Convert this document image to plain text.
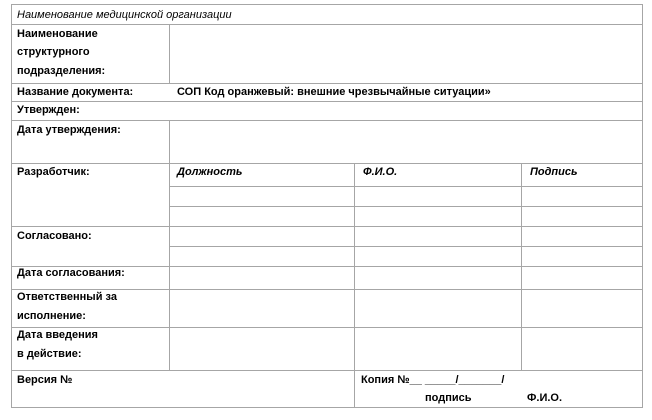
Наименование медицинской организации
Наименование
структурного
подразделения:
Название документа:	СОП Код оранжевый: внешние чрезвычайные ситуации»
Утвержден:
Дата утверждения:
Разработчик:	Должность	Ф.И.О.	Подпись
Согласовано:
Дата согласования:
Ответственный за
исполнение:
Дата введения
в действие:
Версия №	Копия №__ _____/_______/
подпись	Ф.И.О.
